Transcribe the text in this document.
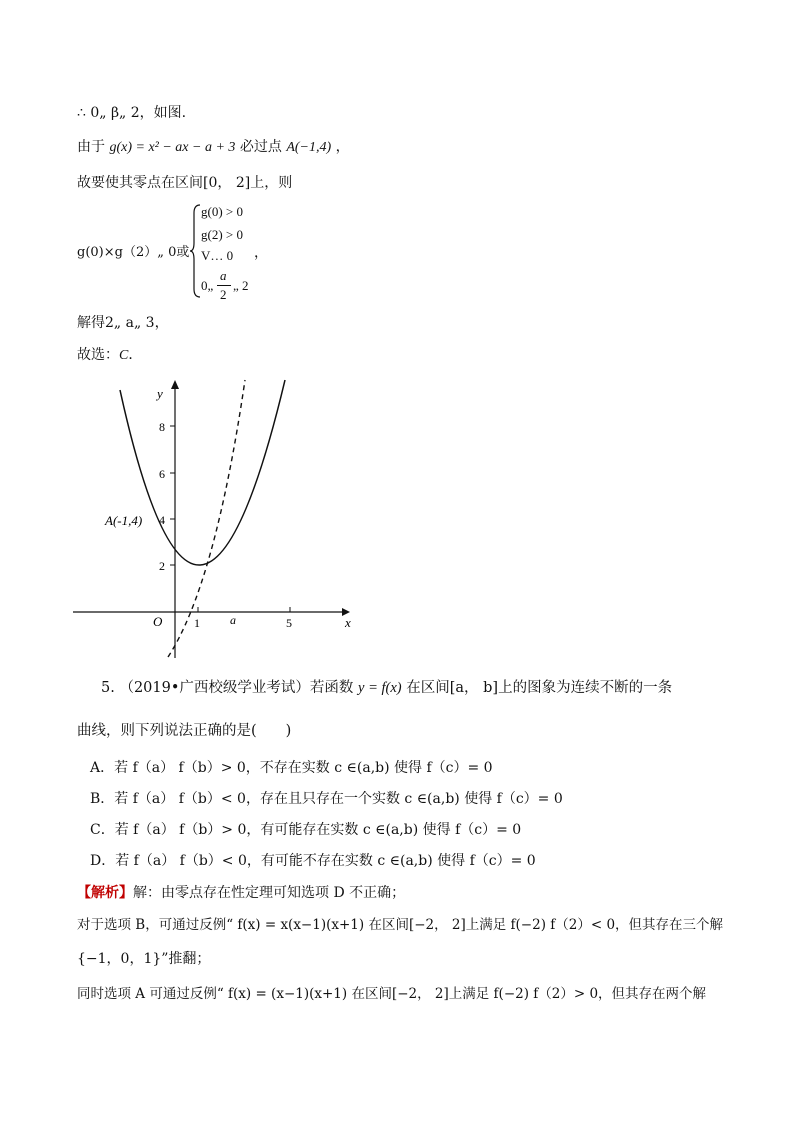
∴ 0„ β„ 2，如图.
由于 g(x) = x² − ax − a + 3 必过点 A(−1,4) ，
故要使其零点在区间[0， 2]上，则
g(0)×g（2）„ 0或
g(0) > 0
g(2) > 0
V… 0
0„
a
2
„ 2
，
解得2„ a„ 3，
故选：C．
y
x
O
8
6
4
2
1	a	5
A(-1,4)
5. （2019•广西校级学业考试）若函数 y = f(x) 在区间[a， b]上的图象为连续不断的一条
曲线，则下列说法正确的是(　　)
A．若 f（a） f（b）> 0，不存在实数 c ∈(a,b) 使得 f（c）= 0
B．若 f（a） f（b）< 0，存在且只存在一个实数 c ∈(a,b) 使得 f（c）= 0
C．若 f（a） f（b）> 0，有可能存在实数 c ∈(a,b) 使得 f（c）= 0
D．若 f（a） f（b）< 0，有可能不存在实数 c ∈(a,b) 使得 f（c）= 0
【解析】解：由零点存在性定理可知选项 D 不正确；
对于选项 B，可通过反例“ f(x) = x(x−1)(x+1) 在区间[−2， 2]上满足 f(−2) f（2）< 0，但其存在三个解
{−1，0，1}”推翻；
同时选项 A 可通过反例“ f(x) = (x−1)(x+1) 在区间[−2， 2]上满足 f(−2) f（2）> 0，但其存在两个解
